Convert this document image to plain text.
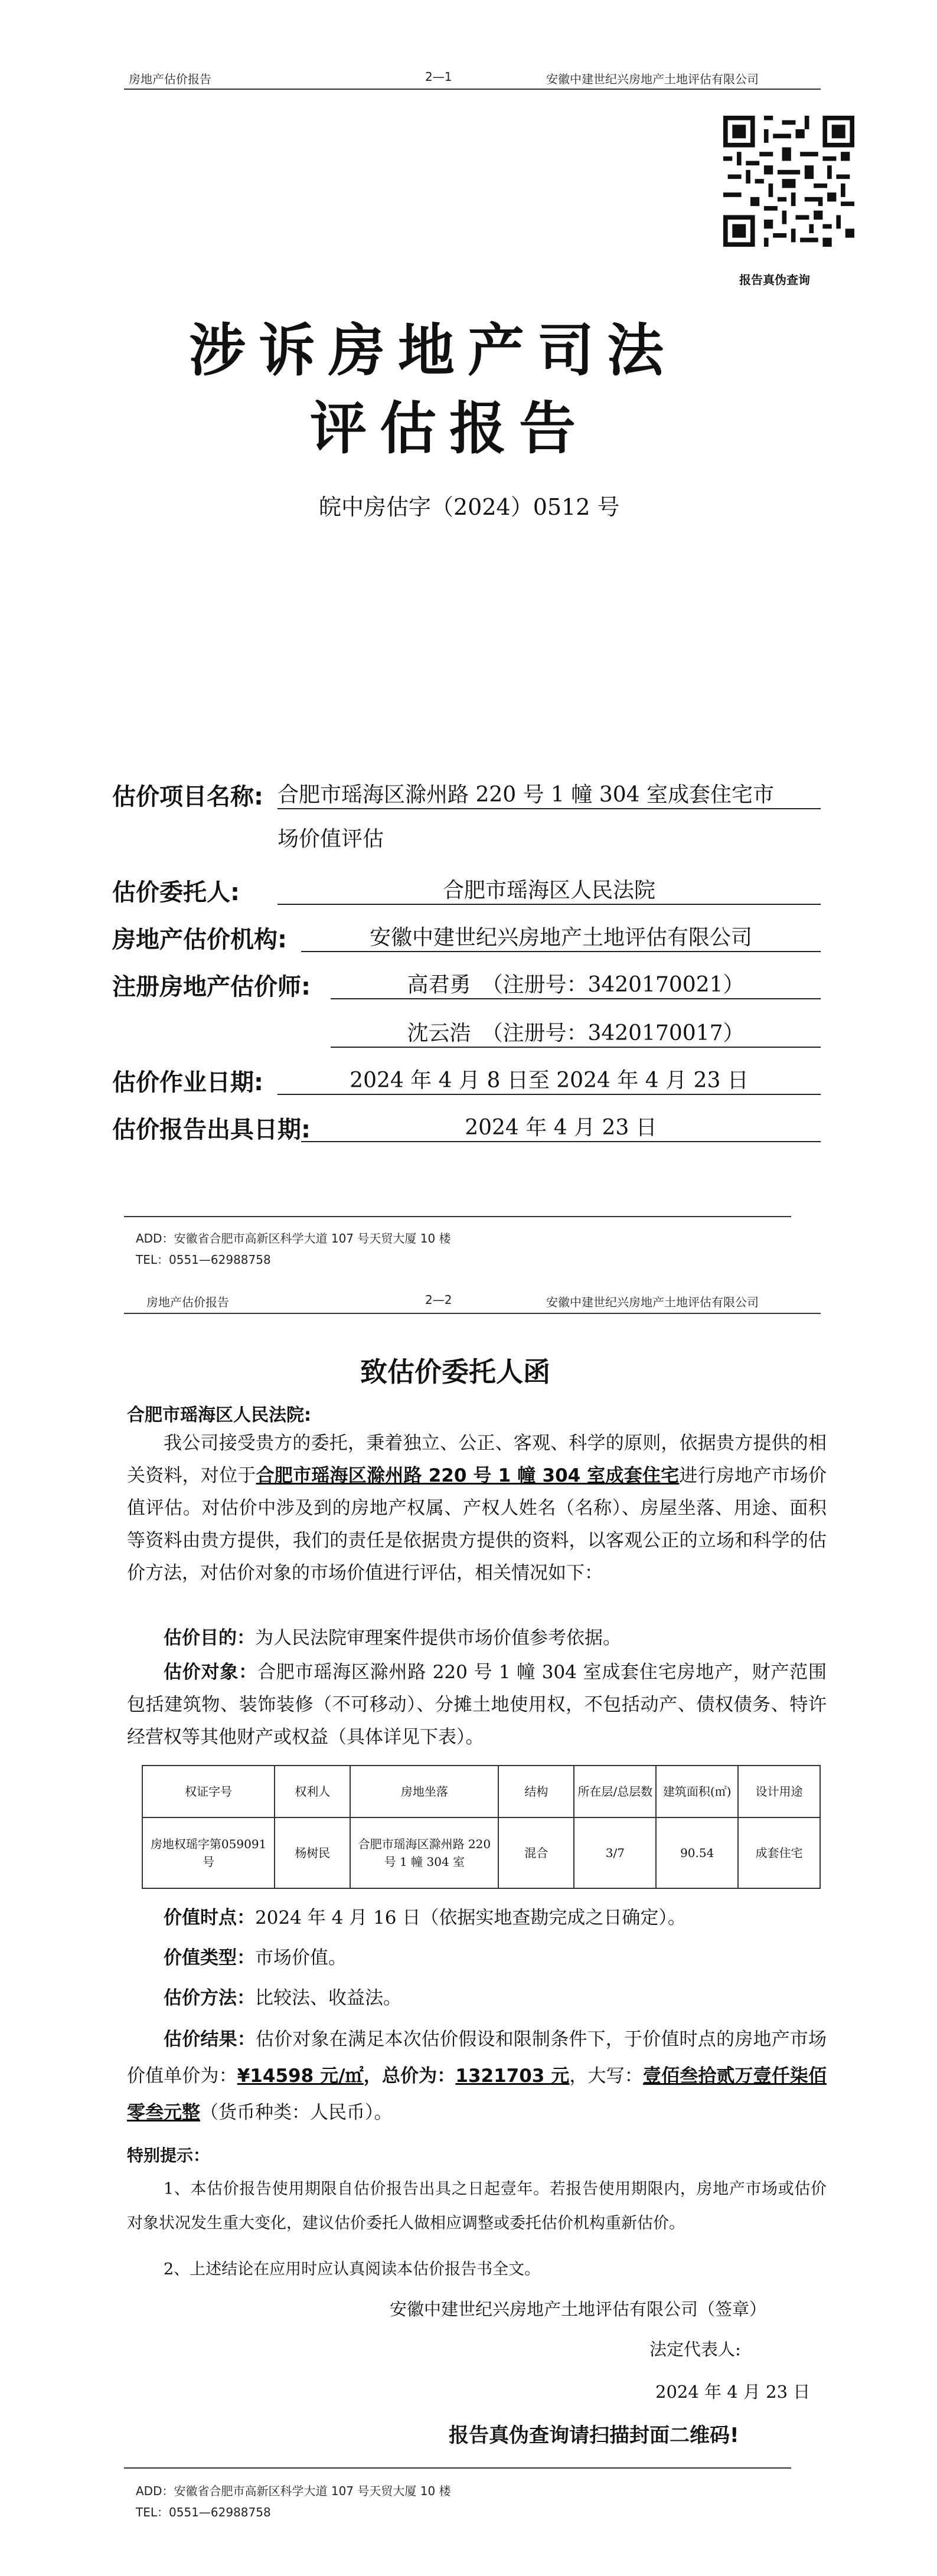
房地产估价报告	2—1	安徽中建世纪兴房地产土地评估有限公司
报告真伪查询
涉诉房地产司法
评估报告
皖中房估字（2024）0512 号
估价项目名称: 合肥市瑶海区滁州路 220 号 1 幢 304 室成套住宅市
场价值评估
估价委托人:	合肥市瑶海区人民法院
房地产估价机构:	安徽中建世纪兴房地产土地评估有限公司
注册房地产估价师:	高君勇　（注册号：3420170021）
沈云浩　（注册号：3420170017）
估价作业日期:	2024 年 4 月 8 日至 2024 年 4 月 23 日
估价报告出具日期:	2024 年 4 月 23 日
ADD：安徽省合肥市高新区科学大道 107 号天贸大厦 10 楼
TEL：0551—62988758
房地产估价报告	2—2	安徽中建世纪兴房地产土地评估有限公司
致估价委托人函
合肥市瑶海区人民法院:
我公司接受贵方的委托，秉着独立、公正、客观、科学的原则，依据贵方提供的相关资料，对位于合肥市瑶海区滁州路 220 号 1 幢 304 室成套住宅进行房地产市场价值评估。对估价中涉及到的房地产权属、产权人姓名（名称）、房屋坐落、用途、面积等资料由贵方提供，我们的责任是依据贵方提供的资料，以客观公正的立场和科学的估价方法，对估价对象的市场价值进行评估，相关情况如下：
估价目的：为人民法院审理案件提供市场价值参考依据。
估价对象：合肥市瑶海区滁州路 220 号 1 幢 304 室成套住宅房地产，财产范围包括建筑物、装饰装修（不可移动）、分摊土地使用权，不包括动产、债权债务、特许经营权等其他财产或权益（具体详见下表）。
权证字号	权利人	房地坐落	结构	所在层/总层数	建筑面积(㎡)	设计用途
房地权瑶字第059091 号	杨树民	合肥市瑶海区滁州路 220 号 1 幢 304 室	混合	3/7	90.54	成套住宅
价值时点：2024 年 4 月 16 日（依据实地查勘完成之日确定）。
价值类型：市场价值。
估价方法：比较法、收益法。
估价结果：估价对象在满足本次估价假设和限制条件下，于价值时点的房地产市场价值单价为：¥14598 元/㎡，总价为：1321703 元，大写：壹佰叁拾贰万壹仟柒佰零叁元整（货币种类：人民币）。
特别提示：
1、本估价报告使用期限自估价报告出具之日起壹年。若报告使用期限内，房地产市场或估价对象状况发生重大变化，建议估价委托人做相应调整或委托估价机构重新估价。
2、上述结论在应用时应认真阅读本估价报告书全文。
安徽中建世纪兴房地产土地评估有限公司（签章）
法定代表人:
2024 年 4 月 23 日
报告真伪查询请扫描封面二维码!
ADD：安徽省合肥市高新区科学大道 107 号天贸大厦 10 楼
TEL：0551—62988758
